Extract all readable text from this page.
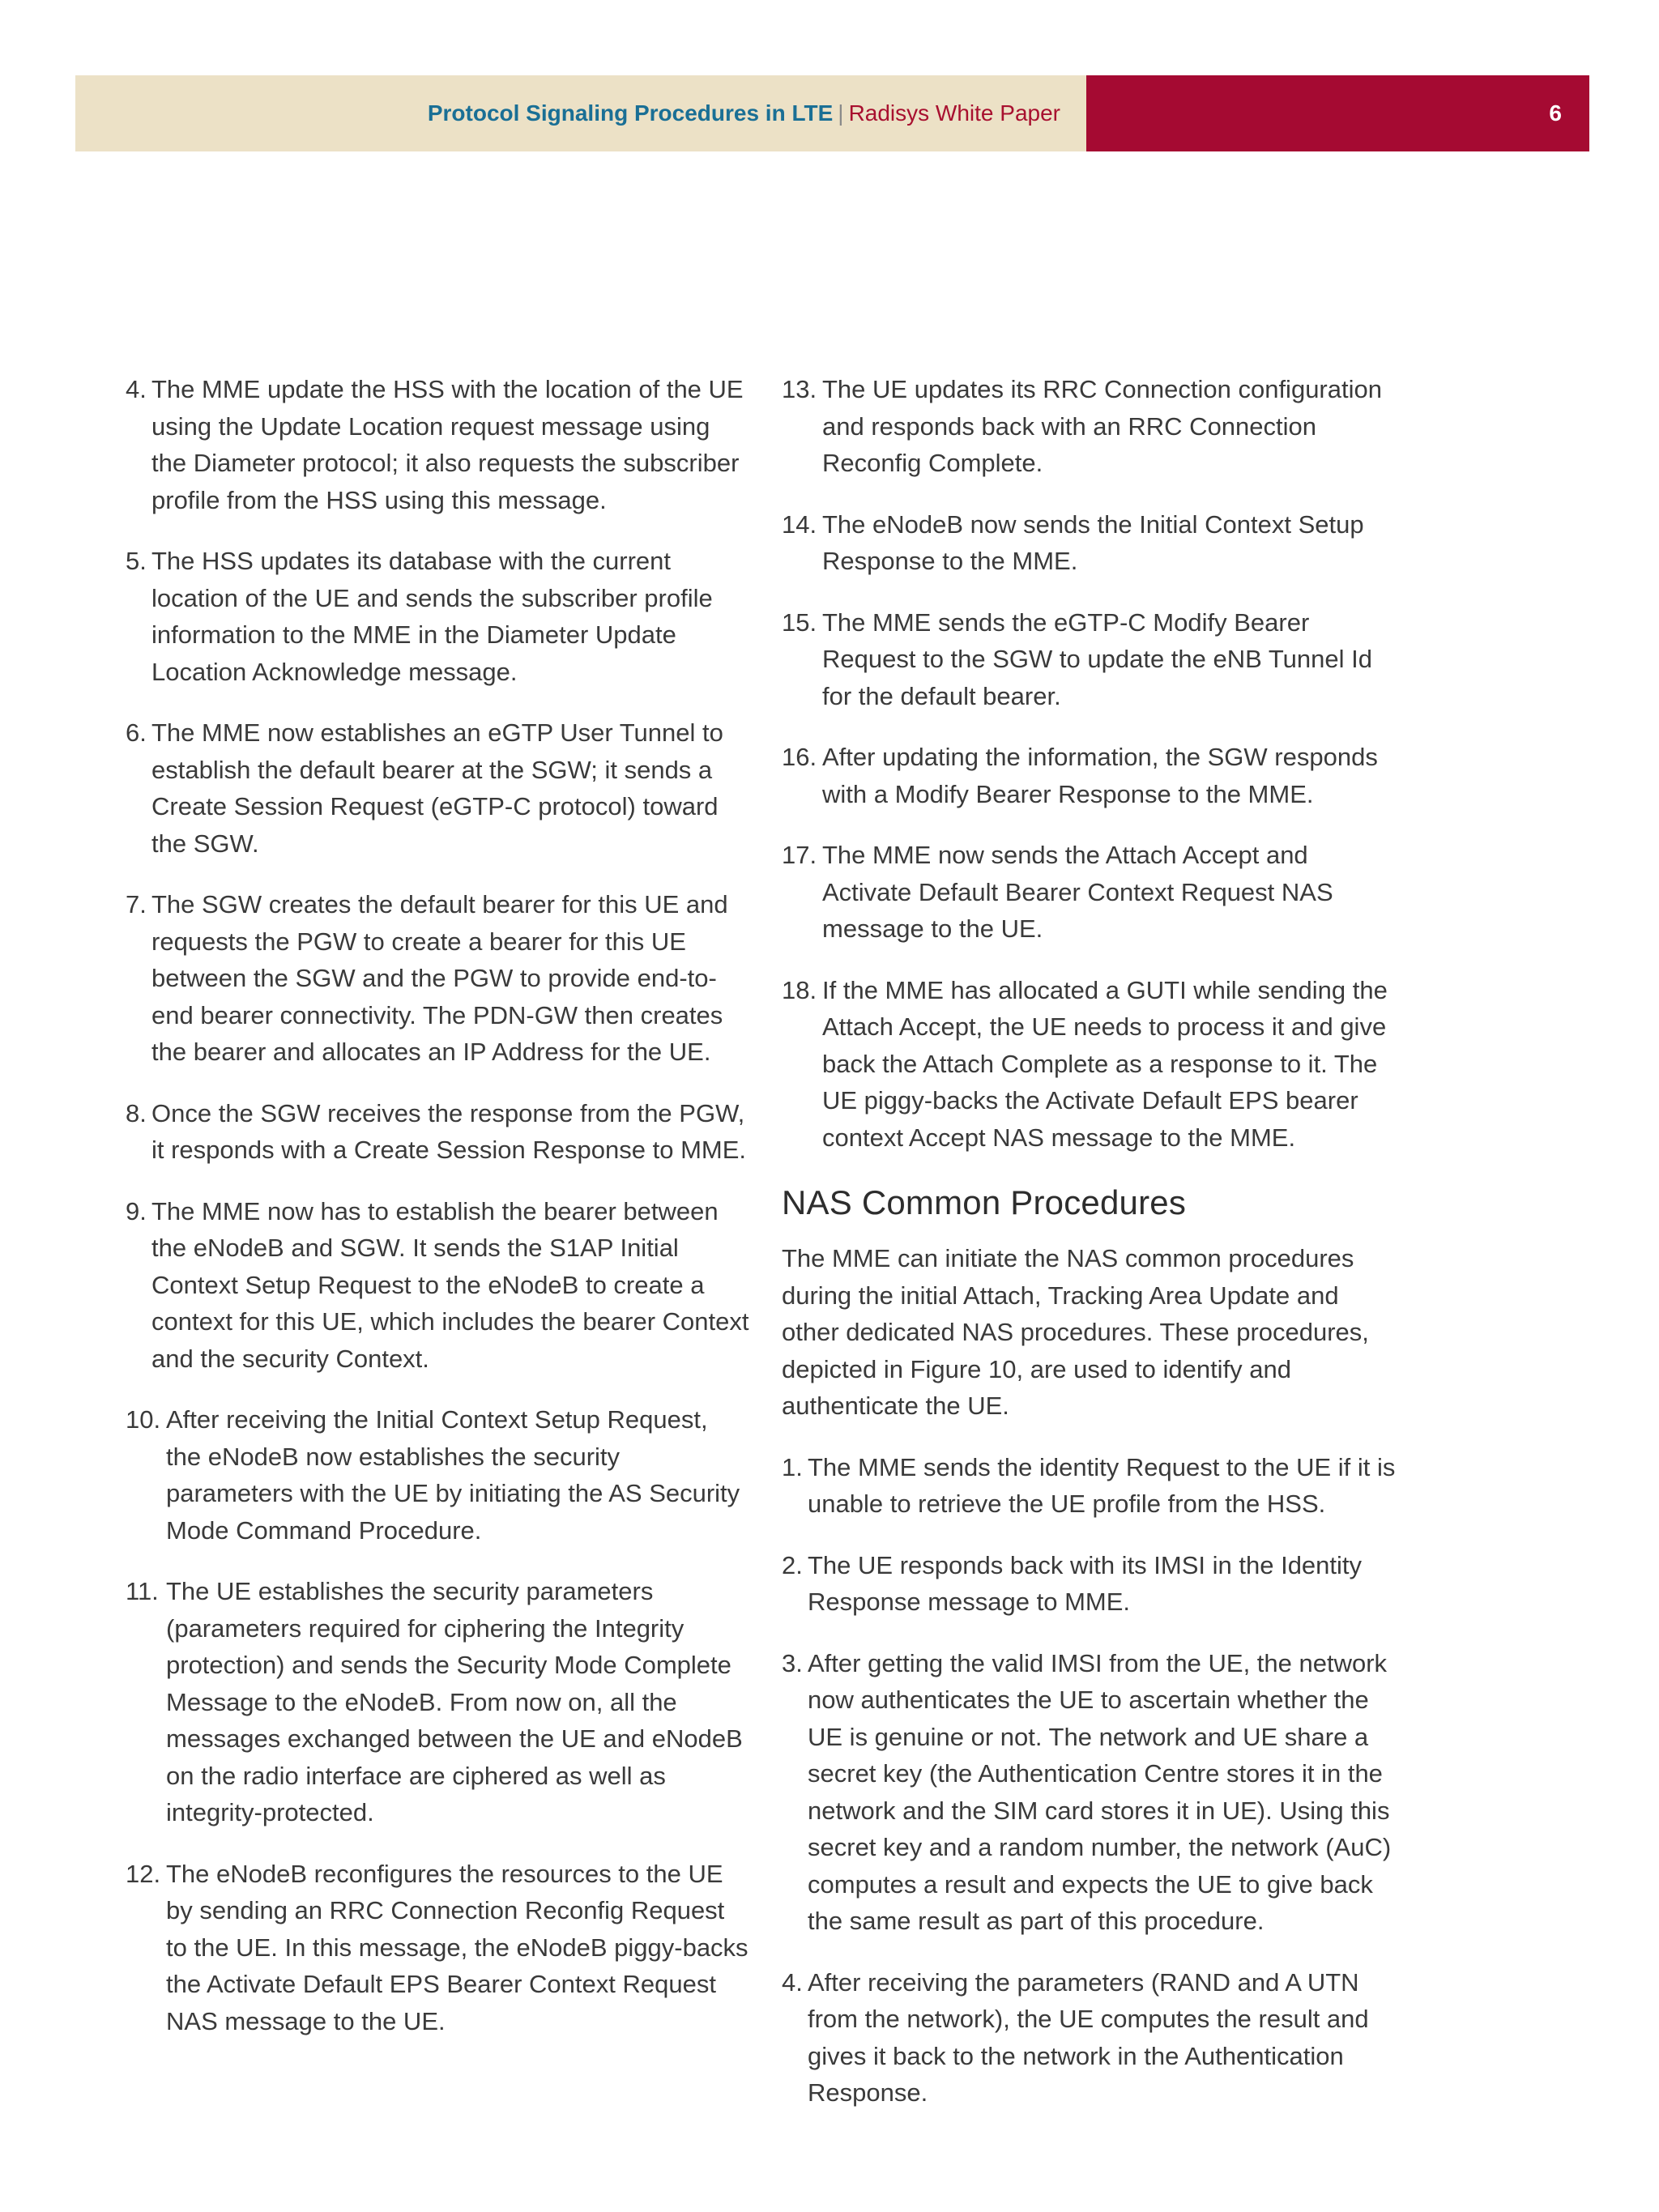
Protocol Signaling Procedures in LTE | Radisys White Paper	6
4. The MME update the HSS with the location of the UE using the Update Location request message using the Diameter protocol; it also requests the subscriber profile from the HSS using this message.
5. The HSS updates its database with the current location of the UE and sends the subscriber profile information to the MME in the Diameter Update Location Acknowledge message.
6. The MME now establishes an eGTP User Tunnel to establish the default bearer at the SGW; it sends a Create Session Request (eGTP-C protocol) toward the SGW.
7. The SGW creates the default bearer for this UE and requests the PGW to create a bearer for this UE between the SGW and the PGW to provide end-to-end bearer connectivity. The PDN-GW then creates the bearer and allocates an IP Address for the UE.
8. Once the SGW receives the response from the PGW, it responds with a Create Session Response to MME.
9. The MME now has to establish the bearer between the eNodeB and SGW. It sends the S1AP Initial Context Setup Request to the eNodeB to create a context for this UE, which includes the bearer Context and the security Context.
10. After receiving the Initial Context Setup Request, the eNodeB now establishes the security parameters with the UE by initiating the AS Security Mode Command Procedure.
11. The UE establishes the security parameters (parameters required for ciphering the Integrity protection) and sends the Security Mode Complete Message to the eNodeB. From now on, all the messages exchanged between the UE and eNodeB on the radio interface are ciphered as well as integrity-protected.
12. The eNodeB reconfigures the resources to the UE by sending an RRC Connection Reconfig Request to the UE. In this message, the eNodeB piggy-backs the Activate Default EPS Bearer Context Request NAS message to the UE.
13. The UE updates its RRC Connection configuration and responds back with an RRC Connection Reconfig Complete.
14. The eNodeB now sends the Initial Context Setup Response to the MME.
15. The MME sends the eGTP-C Modify Bearer Request to the SGW to update the eNB Tunnel Id for the default bearer.
16. After updating the information, the SGW responds with a Modify Bearer Response to the MME.
17. The MME now sends the Attach Accept and Activate Default Bearer Context Request NAS message to the UE.
18. If the MME has allocated a GUTI while sending the Attach Accept, the UE needs to process it and give back the Attach Complete as a response to it. The UE piggy-backs the Activate Default EPS bearer context Accept NAS message to the MME.
NAS Common Procedures

The MME can initiate the NAS common procedures during the initial Attach, Tracking Area Update and other dedicated NAS procedures. These procedures, depicted in Figure 10, are used to identify and authenticate the UE.

1. The MME sends the identity Request to the UE if it is unable to retrieve the UE profile from the HSS.
2. The UE responds back with its IMSI in the Identity Response message to MME.
3. After getting the valid IMSI from the UE, the network now authenticates the UE to ascertain whether the UE is genuine or not. The network and UE share a secret key (the Authentication Centre stores it in the network and the SIM card stores it in UE). Using this secret key and a random number, the network (AuC) computes a result and expects the UE to give back the same result as part of this procedure.
4. After receiving the parameters (RAND and A UTN from the network), the UE computes the result and gives it back to the network in the Authentication Response.
